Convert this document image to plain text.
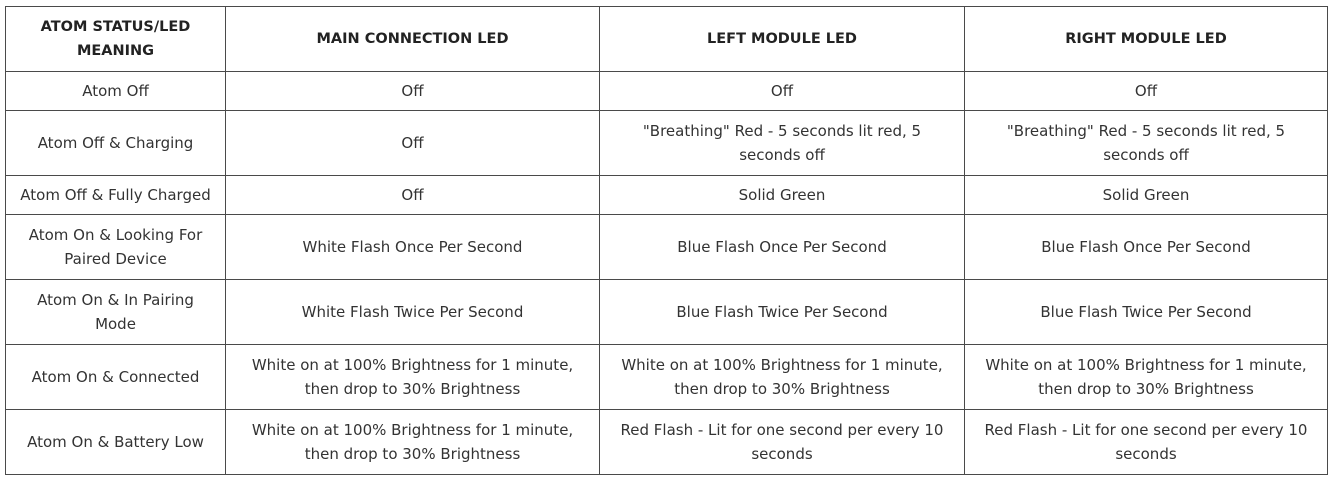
ATOM STATUS/LED MEANING	MAIN CONNECTION LED	LEFT MODULE LED	RIGHT MODULE LED
Atom Off	Off	Off	Off
Atom Off & Charging	Off	"Breathing" Red - 5 seconds lit red, 5 seconds off	"Breathing" Red - 5 seconds lit red, 5 seconds off
Atom Off & Fully Charged	Off	Solid Green	Solid Green
Atom On & Looking For Paired Device	White Flash Once Per Second	Blue Flash Once Per Second	Blue Flash Once Per Second
Atom On & In Pairing Mode	White Flash Twice Per Second	Blue Flash Twice Per Second	Blue Flash Twice Per Second
Atom On & Connected	White on at 100% Brightness for 1 minute, then drop to 30% Brightness	White on at 100% Brightness for 1 minute, then drop to 30% Brightness	White on at 100% Brightness for 1 minute, then drop to 30% Brightness
Atom On & Battery Low	White on at 100% Brightness for 1 minute, then drop to 30% Brightness	Red Flash - Lit for one second per every 10 seconds	Red Flash - Lit for one second per every 10 seconds
